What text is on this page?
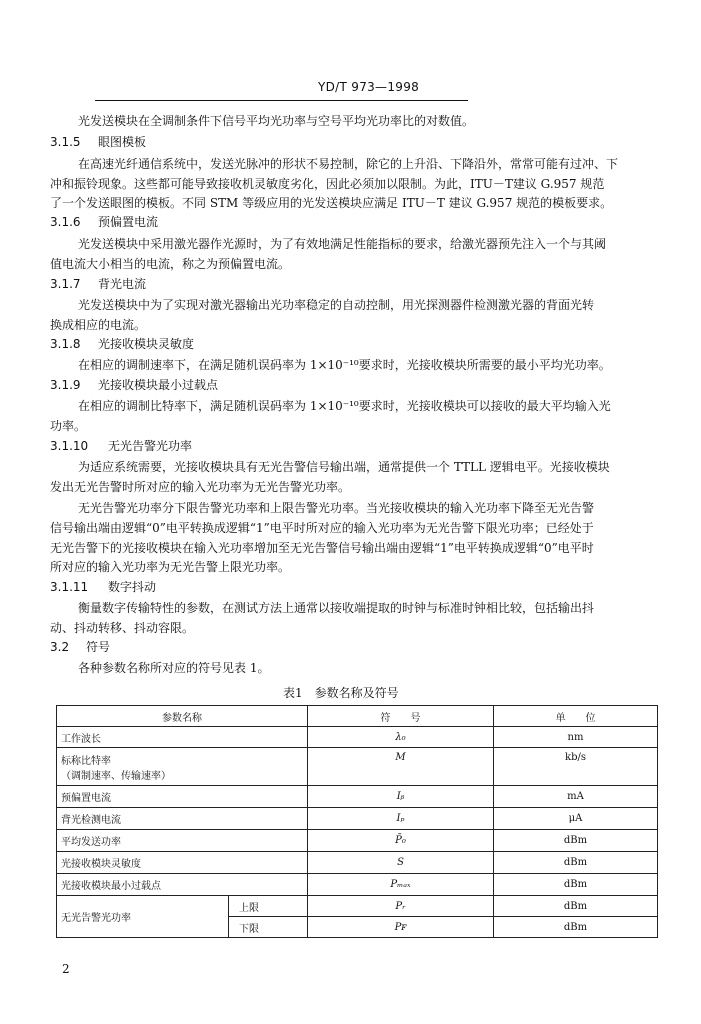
YD/T 973—1998
光发送模块在全调制条件下信号平均光功率与空号平均光功率比的对数值。
3.1.5 眼图模板
在高速光纤通信系统中，发送光脉冲的形状不易控制，除它的上升沿、下降沿外，常常可能有过冲、下
冲和振铃现象。这些都可能导致接收机灵敏度劣化，因此必须加以限制。为此，ITU－T建议 G.957 规范
了一个发送眼图的模板。不同 STM 等级应用的光发送模块应满足 ITU－T 建议 G.957 规范的模板要求。
3.1.6 预偏置电流
光发送模块中采用激光器作光源时，为了有效地满足性能指标的要求，给激光器预先注入一个与其阈
值电流大小相当的电流，称之为预偏置电流。
3.1.7 背光电流
光发送模块中为了实现对激光器输出光功率稳定的自动控制，用光探测器件检测激光器的背面光转
换成相应的电流。
3.1.8 光接收模块灵敏度
在相应的调制速率下，在满足随机误码率为 1×10⁻¹⁰要求时，光接收模块所需要的最小平均光功率。
3.1.9 光接收模块最小过载点
在相应的调制比特率下，满足随机误码率为 1×10⁻¹⁰要求时，光接收模块可以接收的最大平均输入光
功率。
3.1.10 无光告警光功率
为适应系统需要，光接收模块具有无光告警信号输出端，通常提供一个 TTLL 逻辑电平。光接收模块
发出无光告警时所对应的输入光功率为无光告警光功率。
无光告警光功率分下限告警光功率和上限告警光功率。当光接收模块的输入光功率下降至无光告警
信号输出端由逻辑“0”电平转换成逻辑“1”电平时所对应的输入光功率为无光告警下限光功率；已经处于
无光告警下的光接收模块在输入光功率增加至无光告警信号输出端由逻辑“1”电平转换成逻辑“0”电平时
所对应的输入光功率为无光告警上限光功率。
3.1.11 数字抖动
衡量数字传输特性的参数，在测试方法上通常以接收端提取的时钟与标准时钟相比较，包括输出抖
动、抖动转移、抖动容限。
3.2 符号
各种参数名称所对应的符号见表 1。
表1　参数名称及符号
参数名称		符　　号	单　　位
工作波长		λ₀	nm

标称比特率
（调制速率、传输速率）		M	kb/s
预偏置电流		Iᵦ	mA
背光检测电流		Iₚ	μA
平均发送功率		P̄₀	dBm
光接收模块灵敏度		S	dBm
光接收模块最小过载点		Pₘₐₓ	dBm
无光告警光功率	上限	Pᵣ	dBm
	下限	Pꜰ	dBm
2
